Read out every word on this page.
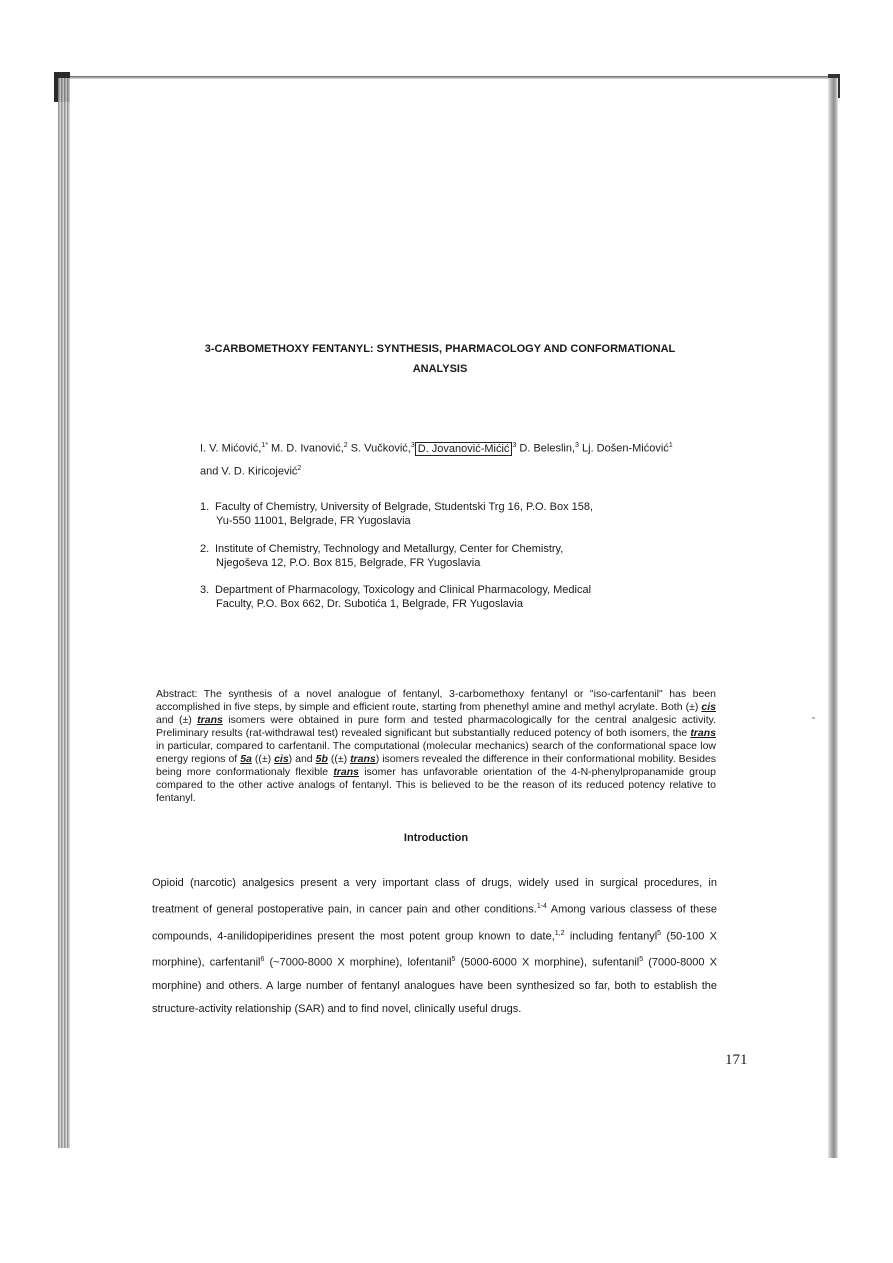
3-CARBOMETHOXY FENTANYL: SYNTHESIS, PHARMACOLOGY AND CONFORMATIONAL
ANALYSIS
I. V. Mićović,$^{1*}$ M. D. Ivanović,$^2$ S. Vučković,$^3$ D. Jovanović-Mićić $^3$ D. Beleslin,$^3$ Lj. Došen-Mićović$^1$
and V. D. Kiricojević$^2$
1. Faculty of Chemistry, University of Belgrade, Studentski Trg 16, P.O. Box 158,
Yu-550 11001, Belgrade, FR Yugoslavia
2. Institute of Chemistry, Technology and Metallurgy, Center for Chemistry,
Njegoševa 12, P.O. Box 815, Belgrade, FR Yugoslavia
3. Department of Pharmacology, Toxicology and Clinical Pharmacology, Medical
Faculty, P.O. Box 662, Dr. Subotića 1, Belgrade, FR Yugoslavia
Abstract: The synthesis of a novel analogue of fentanyl, 3-carbomethoxy fentanyl or "iso-carfentanil" has been accomplished in five steps, by simple and efficient route, starting from phenethyl amine and methyl acrylate. Both (±) cis and (±) trans isomers were obtained in pure form and tested pharmacologically for the central analgesic activity. Preliminary results (rat-withdrawal test) revealed significant but substantially reduced potency of both isomers, the trans in particular, compared to carfentanil. The computational (molecular mechanics) search of the conformational space low energy regions of 5a ((±) cis) and 5b ((±) trans) isomers revealed the difference in their conformational mobility. Besides being more conformationaly flexible trans isomer has unfavorable orientation of the 4-N-phenylpropanamide group compared to the other active analogs of fentanyl. This is believed to be the reason of its reduced potency relative to fentanyl.
Introduction
Opioid (narcotic) analgesics present a very important class of drugs, widely used in surgical procedures, in treatment of general postoperative pain, in cancer pain and other conditions.$^{1-4}$ Among various classess of these compounds, 4-anilidopiperidines present the most potent group known to date,$^{1,2}$ including fentanyl$^5$ (50-100 X morphine), carfentanil$^6$ (~7000-8000 X morphine), lofentanil$^5$ (5000-6000 X morphine), sufentanil$^5$ (7000-8000 X morphine) and others. A large number of fentanyl analogues have been synthesized so far, both to establish the structure-activity relationship (SAR) and to find novel, clinically useful drugs.
171
